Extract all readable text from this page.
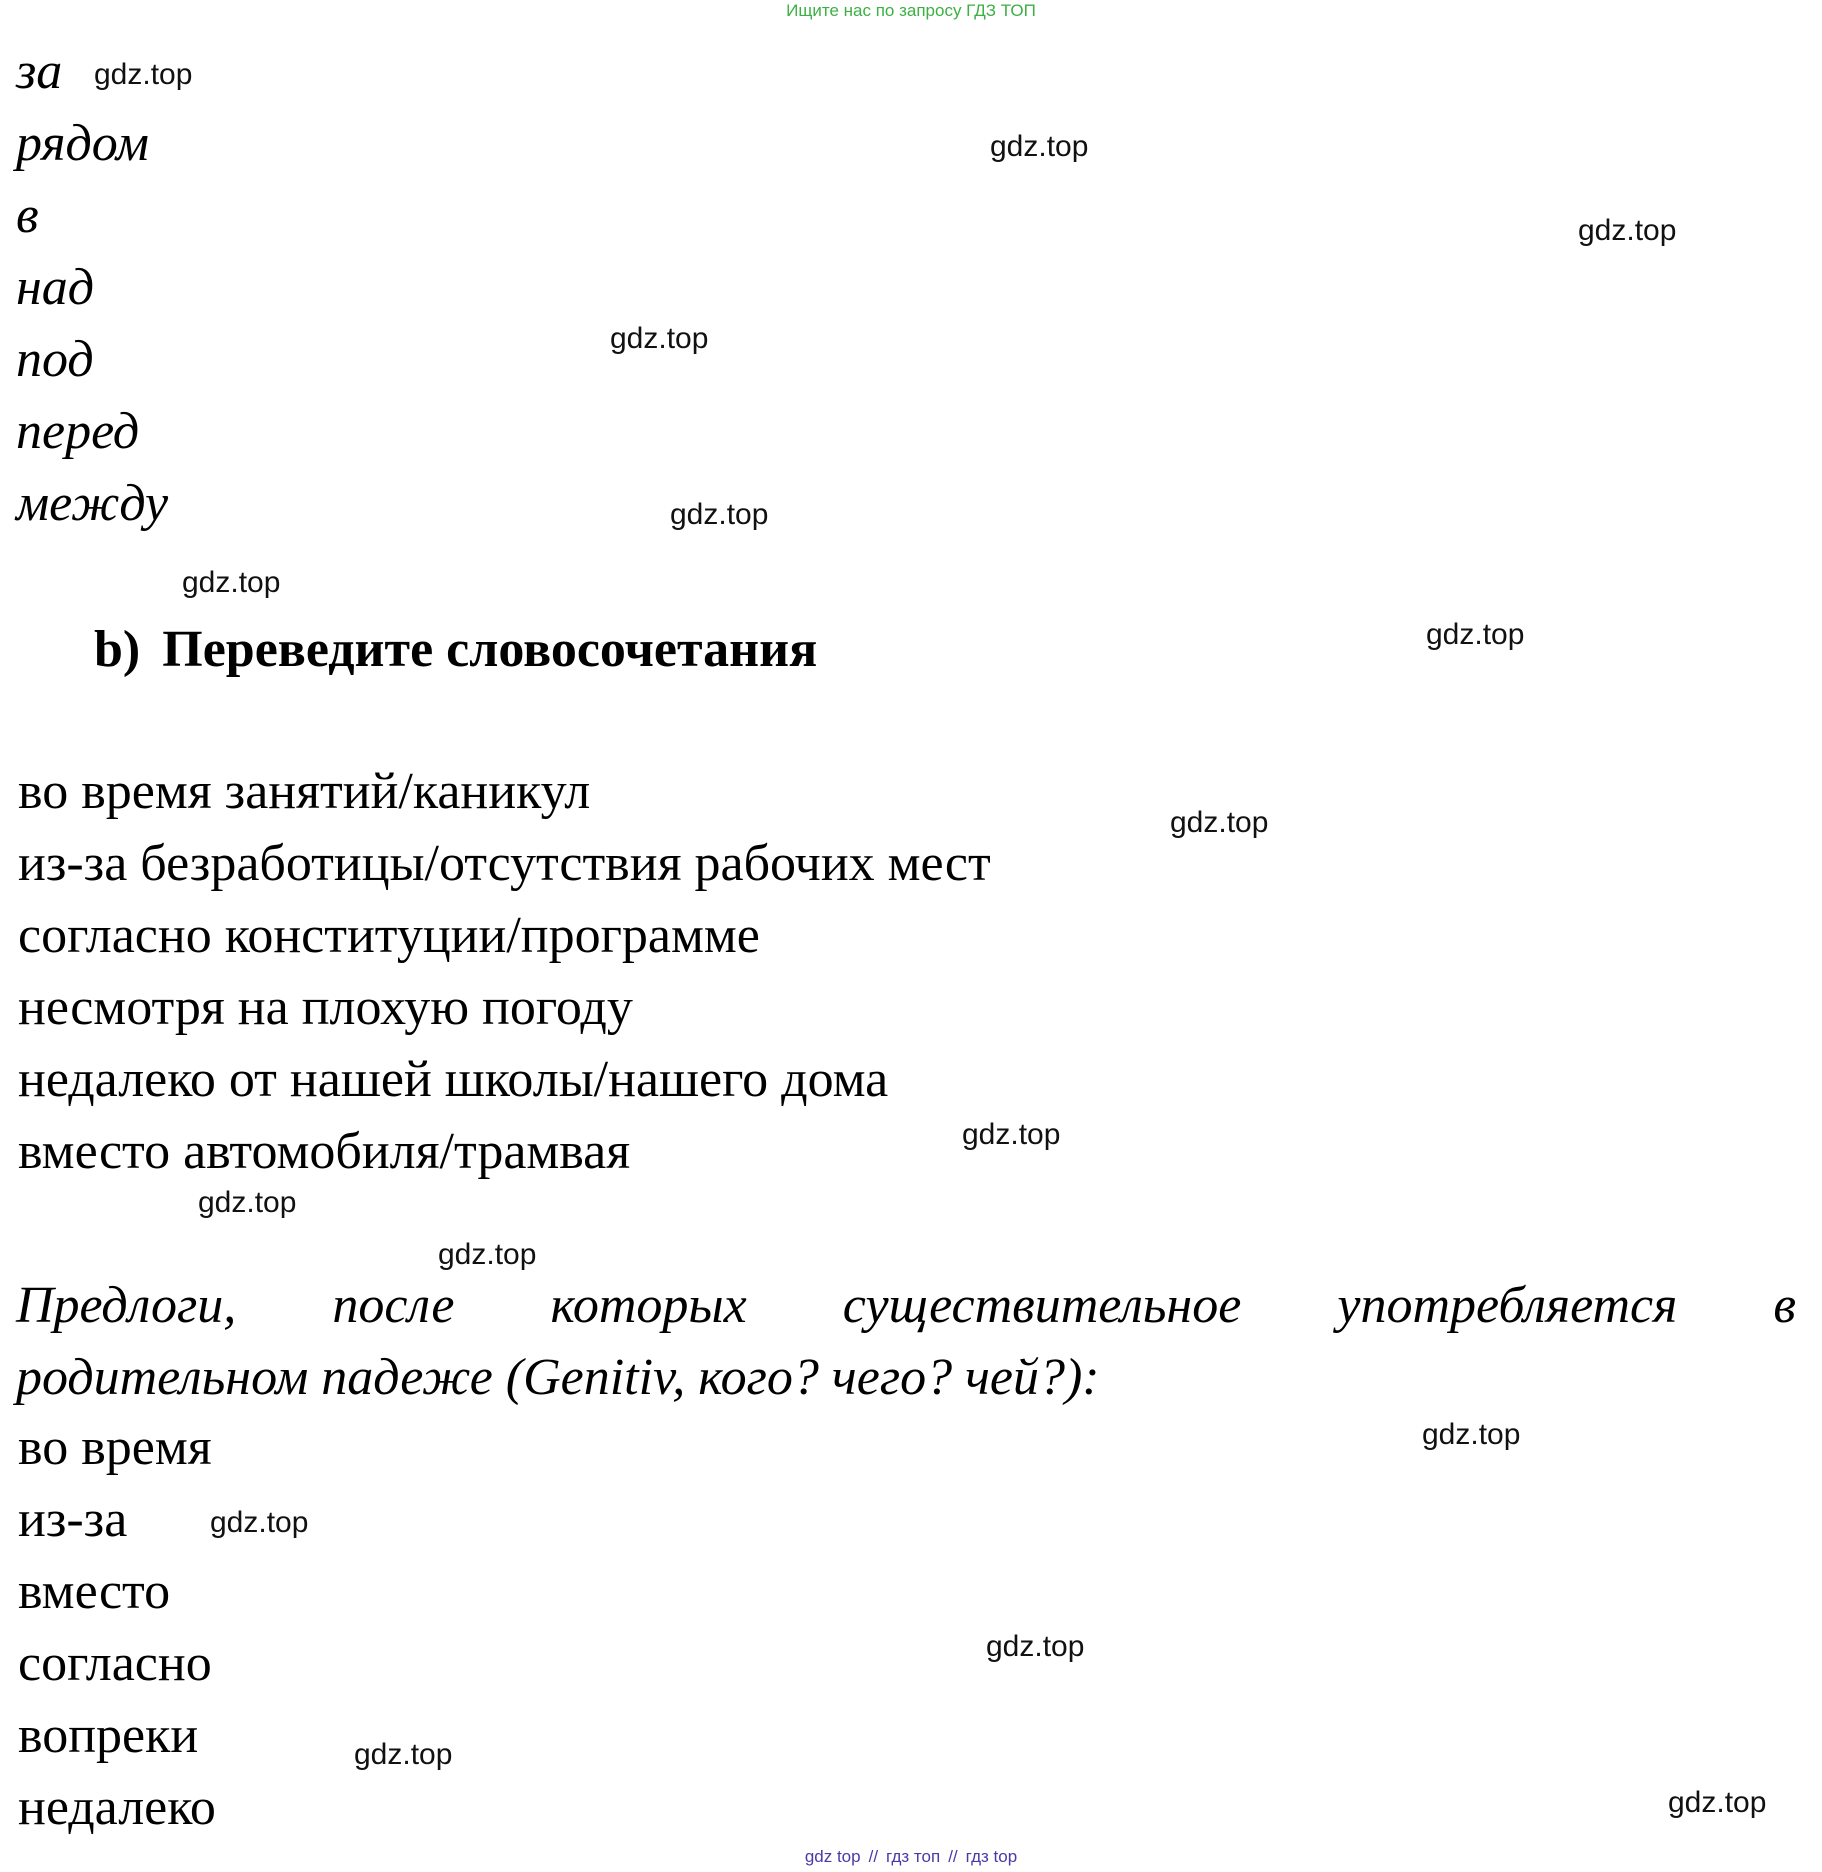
Ищите нас по запросу ГДЗ ТОП
за
рядом
в
над
под
перед
между
b) Переведите словосочетания
во время занятий/каникул
из-за безработицы/отсутствия рабочих мест
согласно конституции/программе
несмотря на плохую погоду
недалеко от нашей школы/нашего дома
вместо автомобиля/трамвая
Предлоги, после которых существительное употребляется в
родительном падеже (Genitiv, кого? чего? чей?):
во время
из-за
вместо
согласно
вопреки
недалеко
gdz.top
gdz.top
gdz.top
gdz.top
gdz.top
gdz.top
gdz.top
gdz.top
gdz.top
gdz.top
gdz.top
gdz.top
gdz.top
gdz.top
gdz.top
gdz.top
gdz top // гдз топ // гдз top
